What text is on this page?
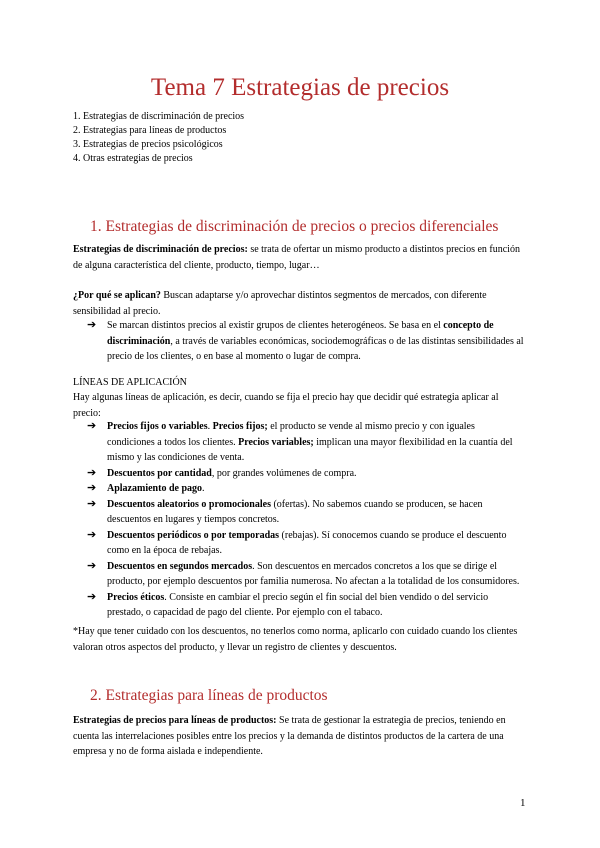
Tema 7 Estrategias de precios
1. Estrategias de discriminación de precios
2. Estrategias para líneas de productos
3. Estrategias de precios psicológicos
4. Otras estrategias de precios
1. Estrategias de discriminación de precios o precios diferenciales
Estrategias de discriminación de precios: se trata de ofertar un mismo producto a distintos precios en función de alguna característica del cliente, producto, tiempo, lugar…
¿Por qué se aplican? Buscan adaptarse y/o aprovechar distintos segmentos de mercados, con diferente sensibilidad al precio.
➔ Se marcan distintos precios al existir grupos de clientes heterogéneos. Se basa en el concepto de discriminación, a través de variables económicas, sociodemográficas o de las distintas sensibilidades al precio de los clientes, o en base al momento o lugar de compra.
LÍNEAS DE APLICACIÓN
Hay algunas líneas de aplicación, es decir, cuando se fija el precio hay que decidir qué estrategia aplicar al precio:
➔ Precios fijos o variables. Precios fijos; el producto se vende al mismo precio y con iguales condiciones a todos los clientes. Precios variables; implican una mayor flexibilidad en la cuantía del mismo y las condiciones de venta.
➔ Descuentos por cantidad, por grandes volúmenes de compra.
➔ Aplazamiento de pago.
➔ Descuentos aleatorios o promocionales (ofertas). No sabemos cuando se producen, se hacen descuentos en lugares y tiempos concretos.
➔ Descuentos periódicos o por temporadas (rebajas). Sí conocemos cuando se produce el descuento como en la época de rebajas.
➔ Descuentos en segundos mercados. Son descuentos en mercados concretos a los que se dirige el producto, por ejemplo descuentos por familia numerosa. No afectan a la totalidad de los consumidores.
➔ Precios éticos. Consiste en cambiar el precio según el fin social del bien vendido o del servicio prestado, o capacidad de pago del cliente. Por ejemplo con el tabaco.
*Hay que tener cuidado con los descuentos, no tenerlos como norma, aplicarlo con cuidado cuando los clientes valoran otros aspectos del producto, y llevar un registro de clientes y descuentos.
2. Estrategias para líneas de productos
Estrategias de precios para líneas de productos: Se trata de gestionar la estrategia de precios, teniendo en cuenta las interrelaciones posibles entre los precios y la demanda de distintos productos de la cartera de una empresa y no de forma aislada e independiente.
1
